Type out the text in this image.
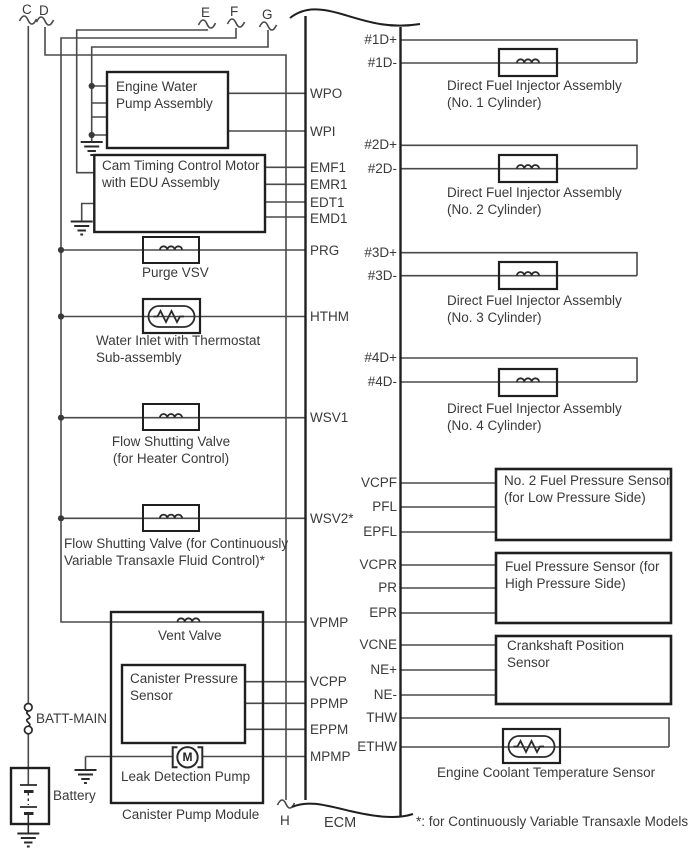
C D	E F G
H ECM
WPO
WPI
EMF1
EMR1
EDT1
EMD1
PRG
HTHM
WSV1
WSV2*
VPMP
VCPP
PPMP
EPPM
MPMP
#1D+
#1D-
#2D+
#2D-
#3D+
#3D-
#4D+
#4D-
VCPF
PFL
EPFL
VCPR
PR
EPR
VCNE
NE+
NE-
THW
ETHW
Engine Water
Pump Assembly
Cam Timing Control Motor
with EDU Assembly
Purge VSV
Water Inlet with Thermostat
Sub-assembly
Flow Shutting Valve
(for Heater Control)
Flow Shutting Valve (for Continuously
Variable Transaxle Fluid Control)*
Vent Valve
Canister Pressure
Sensor
M
Leak Detection Pump
Canister Pump Module
BATT-MAIN
Battery
Direct Fuel Injector Assembly
(No. 1 Cylinder)
Direct Fuel Injector Assembly
(No. 2 Cylinder)
Direct Fuel Injector Assembly
(No. 3 Cylinder)
Direct Fuel Injector Assembly
(No. 4 Cylinder)
No. 2 Fuel Pressure Sensor
(for Low Pressure Side)
Fuel Pressure Sensor (for
High Pressure Side)
Crankshaft Position
Sensor
Engine Coolant Temperature Sensor
*: for Continuously Variable Transaxle Models
